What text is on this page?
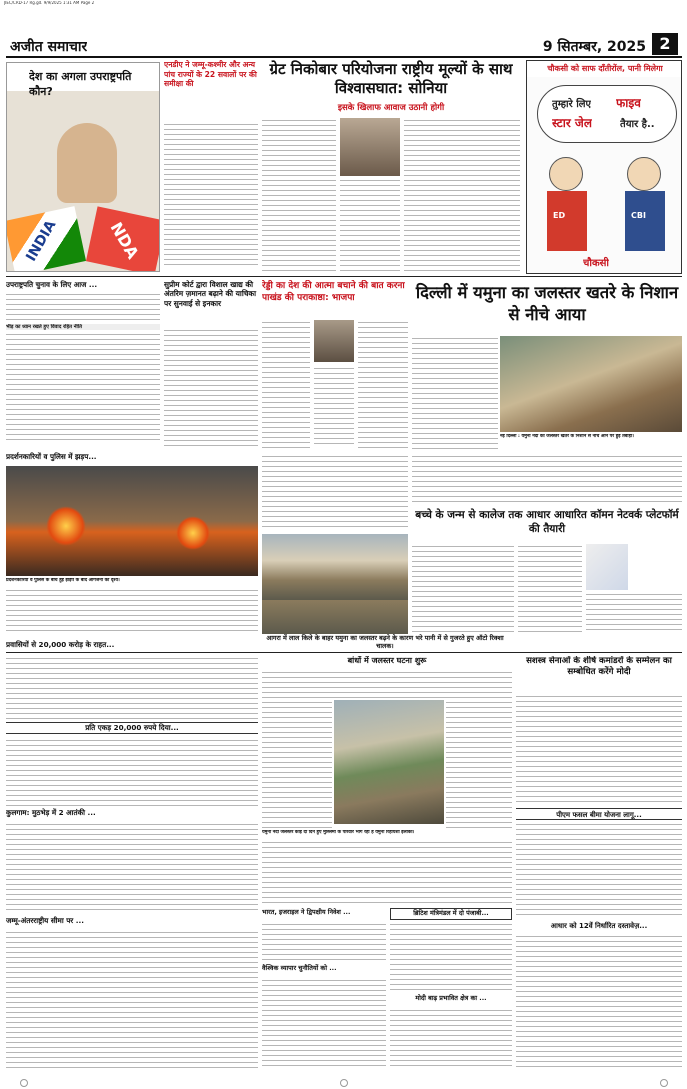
JIEC/CRD-17 Rg.gd. 9/9/2025 1:31 AM Page 2
अजीत समाचार	9 सितम्बर, 2025 2
देश का अगला उपराष्ट्रपति कौन?
INDIA	NDA
एनडीए ने जम्मू-कश्मीर और अन्य पांच राज्यों के 22 सवालों पर की समीक्षा की
ग्रेट निकोबार परियोजना राष्ट्रीय मूल्यों के साथ विश्वासघात: सोनिया
इसके खिलाफ आवाज उठानी होगी
चौकसी को साफ दाँतीरोंल, पानी मिलेगा
तुम्हारे लिए फाइव
स्टार जेल	तैयार है..
ED	CBI
चौकसी
उपराष्ट्रपति चुनाव के लिए आज ...
भीड़ का ध्यान रखते हुए विवाद रहित नीति
सुप्रीम कोर्ट द्वारा विशाल खाद्य की अंतरिम ज़मानत बढ़ाने की याचिका पर सुनवाई से इनकार
रेड्डी का देश की आत्मा बचाने की बात करना पाखंड की पराकाष्ठा: भाजपा	दिल्ली में यमुना का जलस्तर खतरे के निशान से नीचे आया
नई दिल्ली : यमुना नदी का जलस्तर खतरे के निशान से नीचे आने पर हुई तबाही।
प्रदर्शनकारियों व पुलिस में झड़प...
प्रदर्शनकारियों व पुलिस के बीच हुई झड़प के बाद आगजनी का दृश्य।
बच्चे के जन्म से कालेज तक आधार आधारित कॉमन नेटवर्क प्लेटफॉर्म की तैयारी
आगरा में लाल किले के बाहर यमुना का जलस्तर बढ़ने के कारण भरे पानी में से गुजरते हुए ऑटो रिक्शा चालक।
प्रवासियों से 20,000 करोड़ के राहत...
प्रति एकड़ 20,000 रुपये दिया...
कुलगाम: मुठभेड़ में 2 आतंकी ...
जम्मू-अंतरराष्ट्रीय सीमा पर ...
बांधों में जलस्तर घटना शुरू
यमुना नदी जलस्तर कोई दो दिन हुए मुस्लिमों के परिवार भाग रहा है यमुना रिहायशी इलाका।
सशस्त्र सेनाओं के शीर्ष कमांडरों के सम्मेलन का सम्बोधित करेंगे मोदी
पीएम फसल बीमा योजना लागू...
आधार को 12वें निर्धारित दस्तावेज़...
भारत, इजराइल ने द्विपक्षीय निवेश ...
वैश्विक व्यापार चुनौतियों को ...
ब्रिटिश मंत्रिमंडल में दो पंजाबी...
मोदी बाढ़ प्रभावित क्षेत्र का ...
